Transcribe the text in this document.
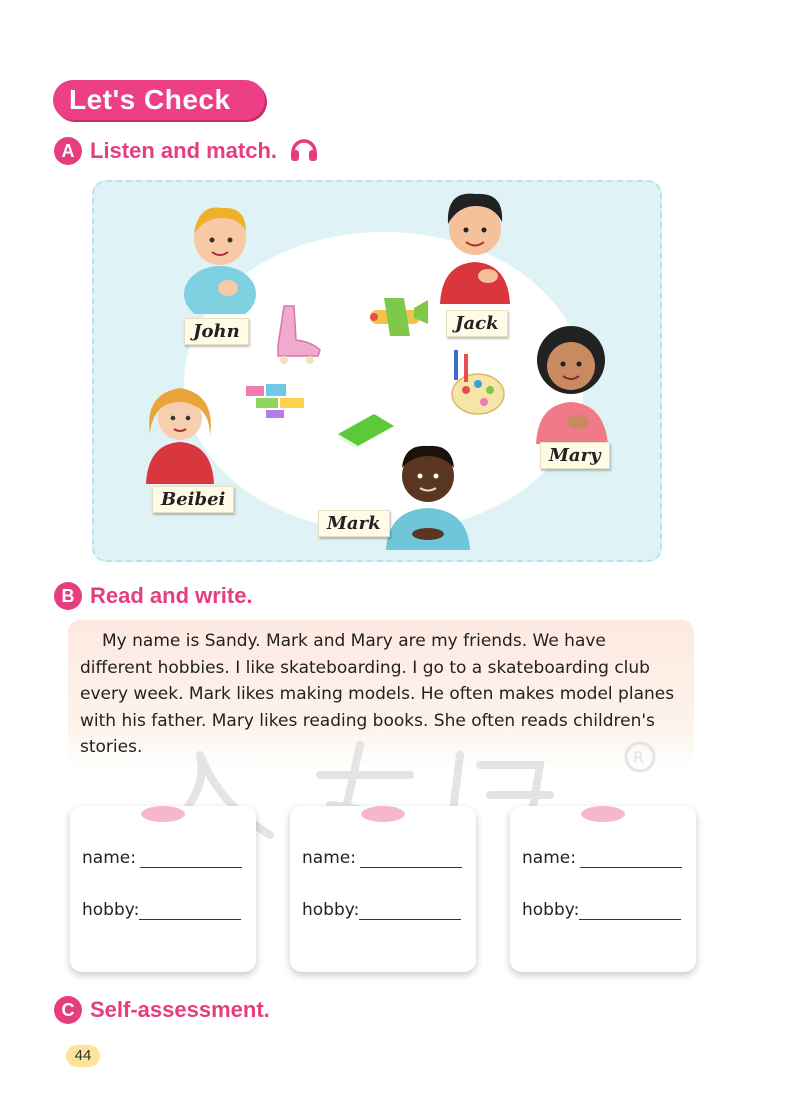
Let's Check
A Listen and match.
John	Jack
Mary
Beibei
Mark
B Read and write.

My name is Sandy. Mark and Mary are my friends. We have different hobbies. I like skateboarding. I go to a skateboarding club every week. Mark likes making models. He often makes model planes with his father. Mary likes reading books. She often reads children's stories.

R
name:
hobby:
name:
hobby:
name:
hobby:
C Self-assessment.
44
